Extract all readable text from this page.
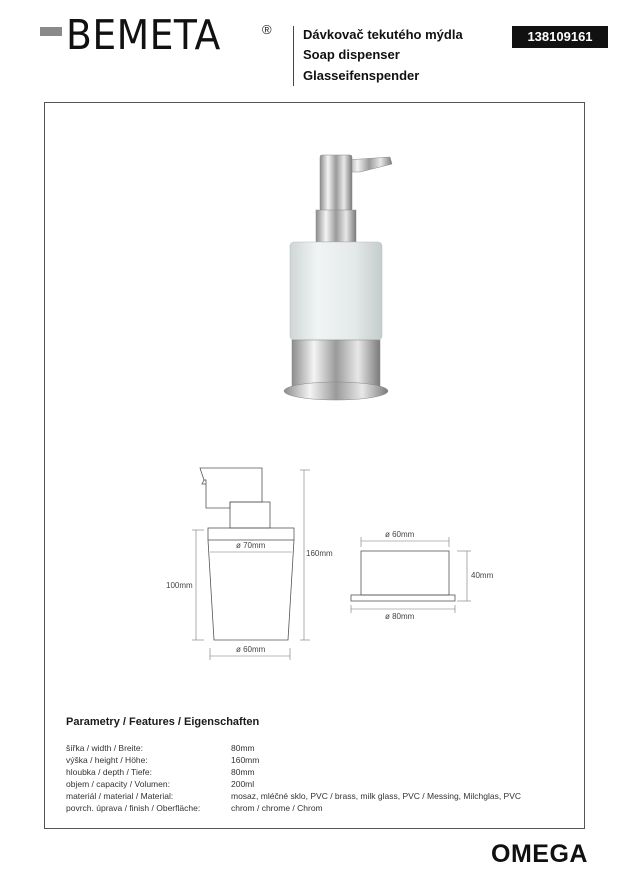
BEMETA	® Dávkovač tekutého mýdla
Soap dispenser
Glasseifenspender
138109161
100mm
160mm
ø 70mm
ø 60mm
ø 60mm
ø 80mm
40mm
Parametry / Features / Eigenschaften
šířka / width / Breite:	80mm
výška / height / Höhe:	160mm
hloubka / depth / Tiefe:	80mm
objem / capacity / Volumen:	200ml
materiál / material / Material:	mosaz, mléčné sklo, PVC / brass, milk glass, PVC / Messing, Milchglas, PVC
povrch. úprava / finish / Oberfläche:	chrom / chrome / Chrom
OMEGA
